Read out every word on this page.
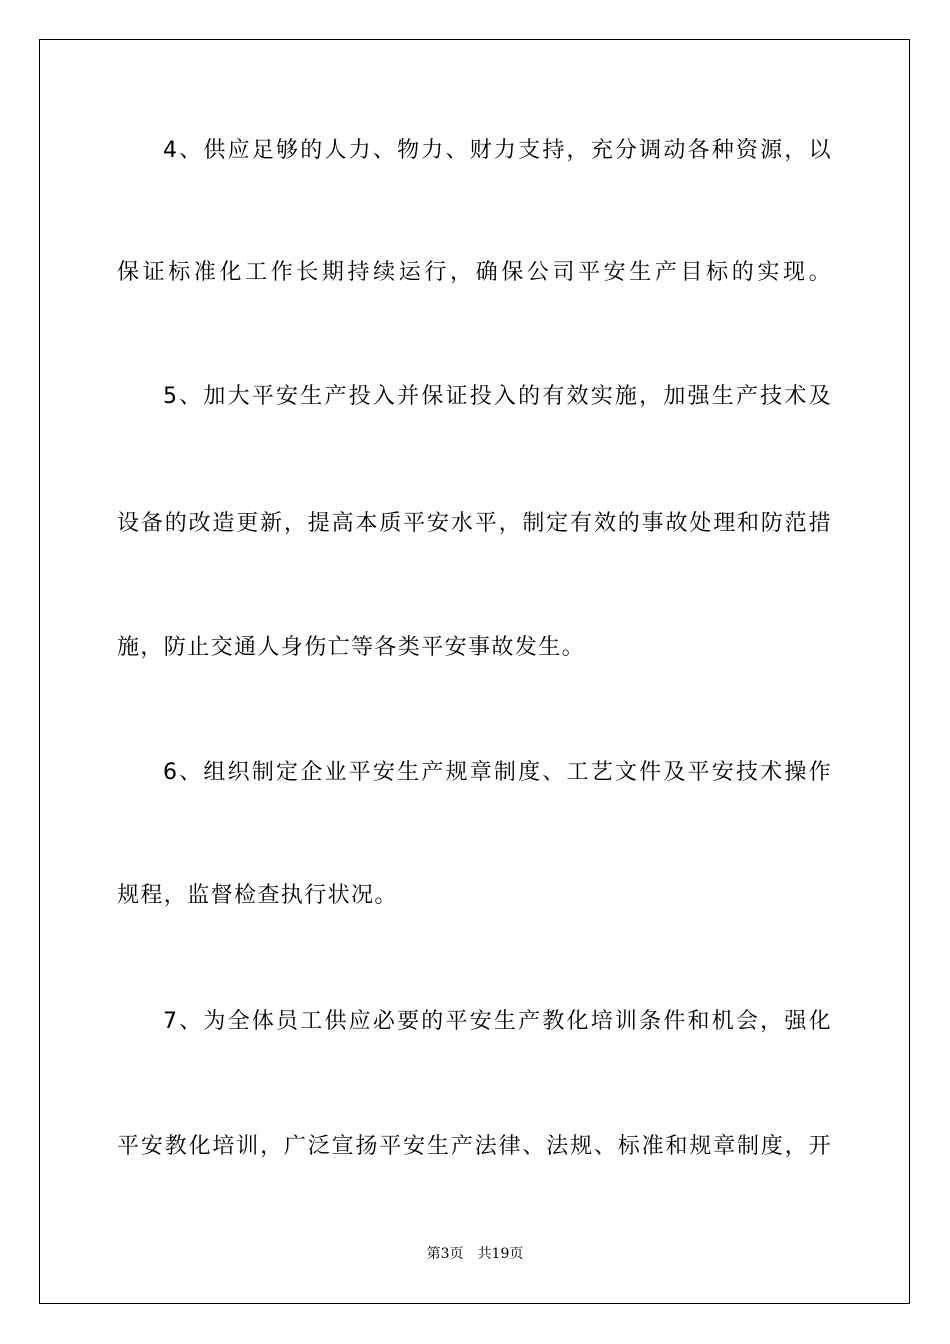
4、供应足够的人力、物力、财力支持，充分调动各种资源，以
保证标准化工作长期持续运行，确保公司平安生产目标的实现。
5、加大平安生产投入并保证投入的有效实施，加强生产技术及
设备的改造更新，提高本质平安水平，制定有效的事故处理和防范措
施，防止交通人身伤亡等各类平安事故发生。
6、组织制定企业平安生产规章制度、工艺文件及平安技术操作
规程，监督检查执行状况。
7、为全体员工供应必要的平安生产教化培训条件和机会，强化
平安教化培训，广泛宣扬平安生产法律、法规、标准和规章制度，开
第3页 共19页
